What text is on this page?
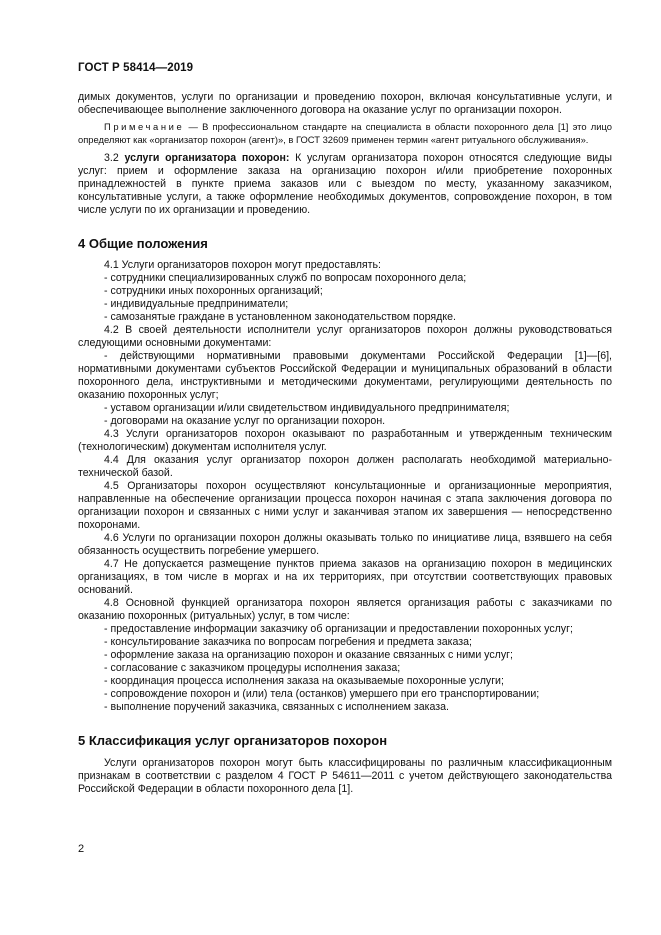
ГОСТ Р 58414—2019

димых документов, услуги по организации и проведению похорон, включая консультативные услуги, и обеспечивающее выполнение заключенного договора на оказание услуг по организации похорон.

Примечание — В профессиональном стандарте на специалиста в области похоронного дела [1] это лицо определяют как «организатор похорон (агент)», в ГОСТ 32609 применен термин «агент ритуального обслуживания».

3.2 услуги организатора похорон: К услугам организатора похорон относятся следующие виды услуг: прием и оформление заказа на организацию похорон и/или приобретение похоронных принадлежностей в пункте приема заказов или с выездом по месту, указанному заказчиком, консультативные услуги, а также оформление необходимых документов, сопровождение похорон, в том числе услуги по их организации и проведению.

4 Общие положения

4.1 Услуги организаторов похорон могут предоставлять:

- сотрудники специализированных служб по вопросам похоронного дела;
- сотрудники иных похоронных организаций;
- индивидуальные предприниматели;
- самозанятые граждане в установленном законодательством порядке.

4.2 В своей деятельности исполнители услуг организаторов похорон должны руководствоваться следующими основными документами:

- действующими нормативными правовыми документами Российской Федерации [1]—[6], нормативными документами субъектов Российской Федерации и муниципальных образований в области похоронного дела, инструктивными и методическими документами, регулирующими деятельность по оказанию похоронных услуг;
- уставом организации и/или свидетельством индивидуального предпринимателя;
- договорами на оказание услуг по организации похорон.

4.3 Услуги организаторов похорон оказывают по разработанным и утвержденным техническим (технологическим) документам исполнителя услуг.

4.4 Для оказания услуг организатор похорон должен располагать необходимой материально-технической базой.

4.5 Организаторы похорон осуществляют консультационные и организационные мероприятия, направленные на обеспечение организации процесса похорон начиная с этапа заключения договора по организации похорон и связанных с ними услуг и заканчивая этапом их завершения — непосредственно похоронами.

4.6 Услуги по организации похорон должны оказывать только по инициативе лица, взявшего на себя обязанность осуществить погребение умершего.

4.7 Не допускается размещение пунктов приема заказов на организацию похорон в медицинских организациях, в том числе в моргах и на их территориях, при отсутствии соответствующих правовых оснований.

4.8 Основной функцией организатора похорон является организация работы с заказчиками по оказанию похоронных (ритуальных) услуг, в том числе:

- предоставление информации заказчику об организации и предоставлении похоронных услуг;
- консультирование заказчика по вопросам погребения и предмета заказа;
- оформление заказа на организацию похорон и оказание связанных с ними услуг;
- согласование с заказчиком процедуры исполнения заказа;
- координация процесса исполнения заказа на оказываемые похоронные услуги;
- сопровождение похорон и (или) тела (останков) умершего при его транспортировании;
- выполнение поручений заказчика, связанных с исполнением заказа.
5 Классификация услуг организаторов похорон

Услуги организаторов похорон могут быть классифицированы по различным классификационным признакам в соответствии с разделом 4 ГОСТ Р 54611—2011 с учетом действующего законодательства Российской Федерации в области похоронного дела [1].

2
